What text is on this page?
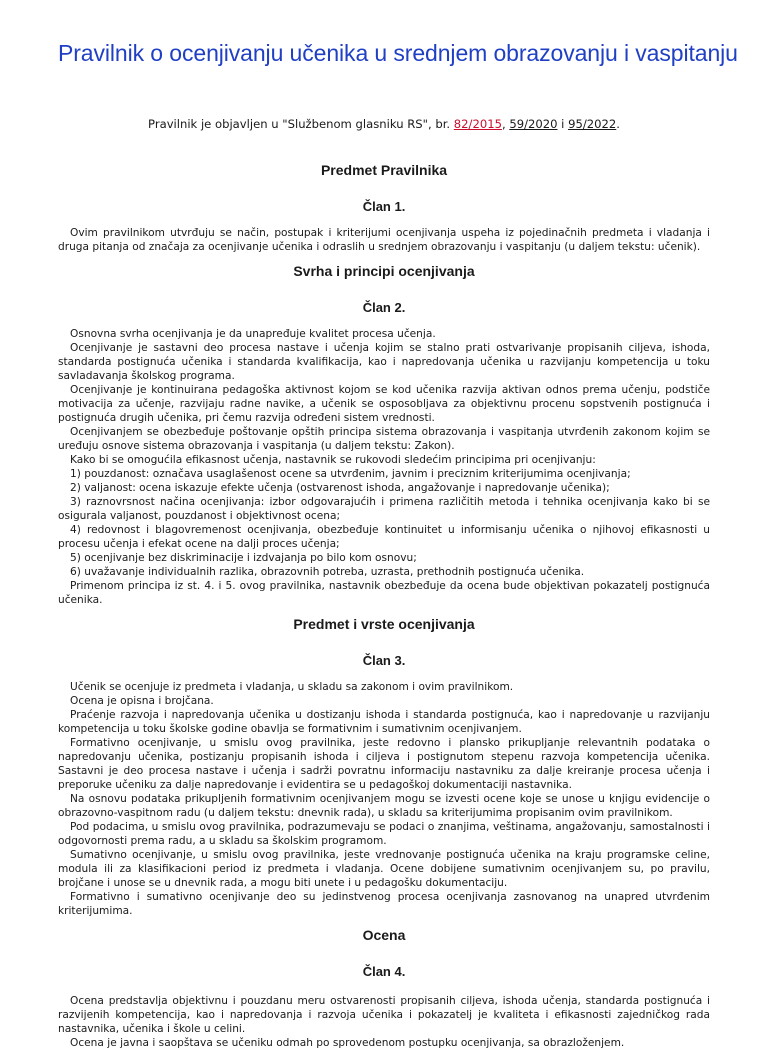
Pravilnik o ocenjivanju učenika u srednjem obrazovanju i vaspitanju
Pravilnik je objavljen u "Službenom glasniku RS", br. 82/2015, 59/2020 i 95/2022.
Predmet Pravilnika
Član 1.

Ovim pravilnikom utvrđuju se način, postupak i kriterijumi ocenjivanja uspeha iz pojedinačnih predmeta i vladanja i druga pitanja od značaja za ocenjivanje učenika i odraslih u srednjem obrazovanju i vaspitanju (u daljem tekstu: učenik).

Svrha i principi ocenjivanja
Član 2.

Osnovna svrha ocenjivanja je da unapređuje kvalitet procesa učenja.

Ocenjivanje je sastavni deo procesa nastave i učenja kojim se stalno prati ostvarivanje propisanih ciljeva, ishoda, standarda postignuća učenika i standarda kvalifikacija, kao i napredovanja učenika u razvijanju kompetencija u toku savladavanja školskog programa.

Ocenjivanje je kontinuirana pedagoška aktivnost kojom se kod učenika razvija aktivan odnos prema učenju, podstiče motivacija za učenje, razvijaju radne navike, a učenik se osposobljava za objektivnu procenu sopstvenih postignuća i postignuća drugih učenika, pri čemu razvija određeni sistem vrednosti.

Ocenjivanjem se obezbeđuje poštovanje opštih principa sistema obrazovanja i vaspitanja utvrđenih zakonom kojim se uređuju osnove sistema obrazovanja i vaspitanja (u daljem tekstu: Zakon).

Kako bi se omogućila efikasnost učenja, nastavnik se rukovodi sledećim principima pri ocenjivanju:

1) pouzdanost: označava usaglašenost ocene sa utvrđenim, javnim i preciznim kriterijumima ocenjivanja;

2) valjanost: ocena iskazuje efekte učenja (ostvarenost ishoda, angažovanje i napredovanje učenika);

3) raznovrsnost načina ocenjivanja: izbor odgovarajućih i primena različitih metoda i tehnika ocenjivanja kako bi se osigurala valjanost, pouzdanost i objektivnost ocena;

4) redovnost i blagovremenost ocenjivanja, obezbeđuje kontinuitet u informisanju učenika o njihovoj efikasnosti u procesu učenja i efekat ocene na dalji proces učenja;

5) ocenjivanje bez diskriminacije i izdvajanja po bilo kom osnovu;

6) uvažavanje individualnih razlika, obrazovnih potreba, uzrasta, prethodnih postignuća učenika.

Primenom principa iz st. 4. i 5. ovog pravilnika, nastavnik obezbeđuje da ocena bude objektivan pokazatelj postignuća učenika.

Predmet i vrste ocenjivanja
Član 3.

Učenik se ocenjuje iz predmeta i vladanja, u skladu sa zakonom i ovim pravilnikom.

Ocena je opisna i brojčana.

Praćenje razvoja i napredovanja učenika u dostizanju ishoda i standarda postignuća, kao i napredovanje u razvijanju kompetencija u toku školske godine obavlja se formativnim i sumativnim ocenjivanjem.

Formativno ocenjivanje, u smislu ovog pravilnika, jeste redovno i plansko prikupljanje relevantnih podataka o napredovanju učenika, postizanju propisanih ishoda i ciljeva i postignutom stepenu razvoja kompetencija učenika. Sastavni je deo procesa nastave i učenja i sadrži povratnu informaciju nastavniku za dalje kreiranje procesa učenja i preporuke učeniku za dalje napredovanje i evidentira se u pedagoškoj dokumentaciji nastavnika.

Na osnovu podataka prikupljenih formativnim ocenjivanjem mogu se izvesti ocene koje se unose u knjigu evidencije o obrazovno-vaspitnom radu (u daljem tekstu: dnevnik rada), u skladu sa kriterijumima propisanim ovim pravilnikom.

Pod podacima, u smislu ovog pravilnika, podrazumevaju se podaci o znanjima, veštinama, angažovanju, samostalnosti i odgovornosti prema radu, a u skladu sa školskim programom.

Sumativno ocenjivanje, u smislu ovog pravilnika, jeste vrednovanje postignuća učenika na kraju programske celine, modula ili za klasifikacioni period iz predmeta i vladanja. Ocene dobijene sumativnim ocenjivanjem su, po pravilu, brojčane i unose se u dnevnik rada, a mogu biti unete i u pedagošku dokumentaciju.

Formativno i sumativno ocenjivanje deo su jedinstvenog procesa ocenjivanja zasnovanog na unapred utvrđenim kriterijumima.

Ocena
Član 4.

Ocena predstavlja objektivnu i pouzdanu meru ostvarenosti propisanih ciljeva, ishoda učenja, standarda postignuća i razvijenih kompetencija, kao i napredovanja i razvoja učenika i pokazatelj je kvaliteta i efikasnosti zajedničkog rada nastavnika, učenika i škole u celini.

Ocena je javna i saopštava se učeniku odmah po sprovedenom postupku ocenjivanja, sa obrazloženjem.
